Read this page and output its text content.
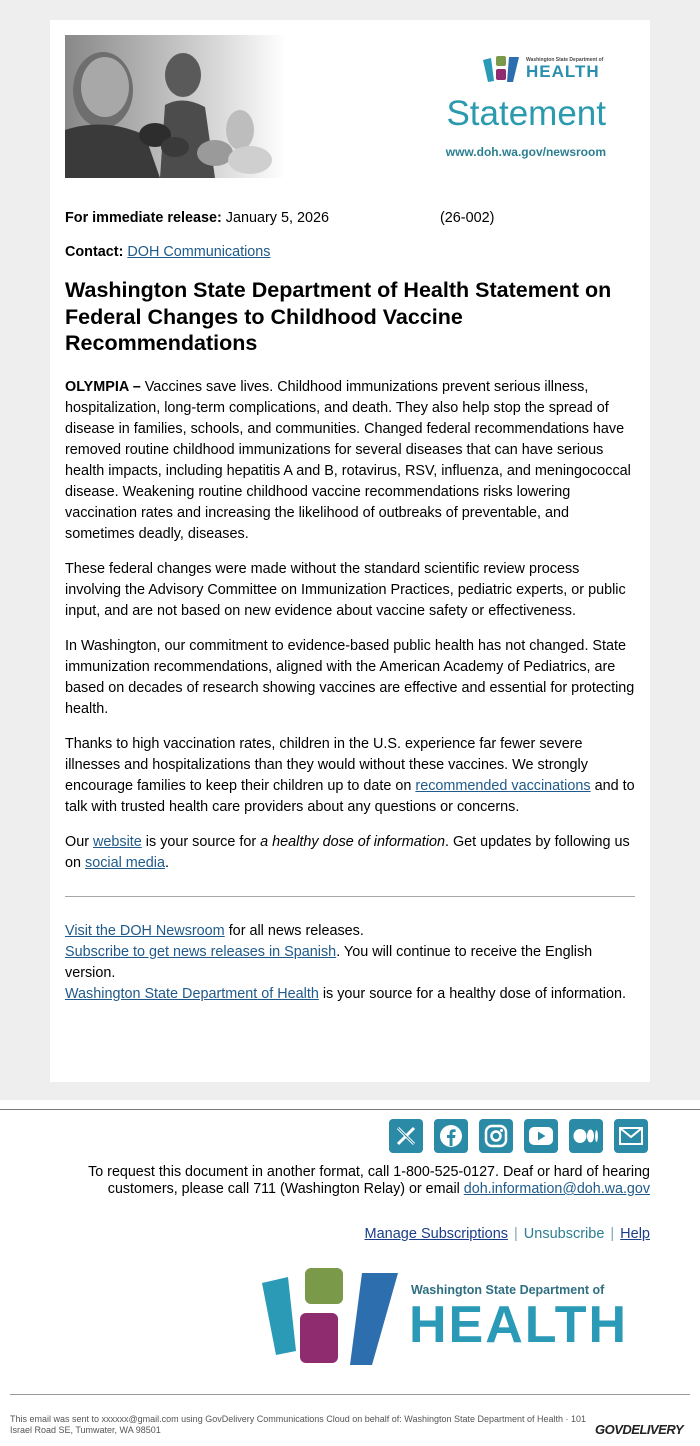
Washington State Department of
HEALTH
Statement
www.doh.wa.gov/newsroom
For immediate release: January 5, 2026	(26-002)
Contact: DOH Communications
Washington State Department of Health Statement on Federal Changes to Childhood Vaccine Recommendations

OLYMPIA – Vaccines save lives. Childhood immunizations prevent serious illness, hospitalization, long-term complications, and death. They also help stop the spread of disease in families, schools, and communities. Changed federal recommendations have removed routine childhood immunizations for several diseases that can have serious health impacts, including hepatitis A and B, rotavirus, RSV, influenza, and meningococcal disease. Weakening routine childhood vaccine recommendations risks lowering vaccination rates and increasing the likelihood of outbreaks of preventable, and sometimes deadly, diseases.

These federal changes were made without the standard scientific review process involving the Advisory Committee on Immunization Practices, pediatric experts, or public input, and are not based on new evidence about vaccine safety or effectiveness.

In Washington, our commitment to evidence-based public health has not changed. State immunization recommendations, aligned with the American Academy of Pediatrics, are based on decades of research showing vaccines are effective and essential for protecting health.

Thanks to high vaccination rates, children in the U.S. experience far fewer severe illnesses and hospitalizations than they would without these vaccines. We strongly encourage families to keep their children up to date on recommended vaccinations and to talk with trusted health care providers about any questions or concerns.

Our website is your source for a healthy dose of information. Get updates by following us on social media.

Visit the DOH Newsroom for all news releases.
Subscribe to get news releases in Spanish. You will continue to receive the English version.
Washington State Department of Health is your source for a healthy dose of information.
To request this document in another format, call 1-800-525-0127. Deaf or hard of hearing customers, please call 711 (Washington Relay) or email doh.information@doh.wa.gov
Manage Subscriptions | Unsubscribe | Help
Washington State Department of
HEALTH
This email was sent to xxxxxx@gmail.com using GovDelivery Communications Cloud on behalf of: Washington State Department of Health · 101 Israel Road SE, Tumwater, WA 98501	GOVDELIVERY
